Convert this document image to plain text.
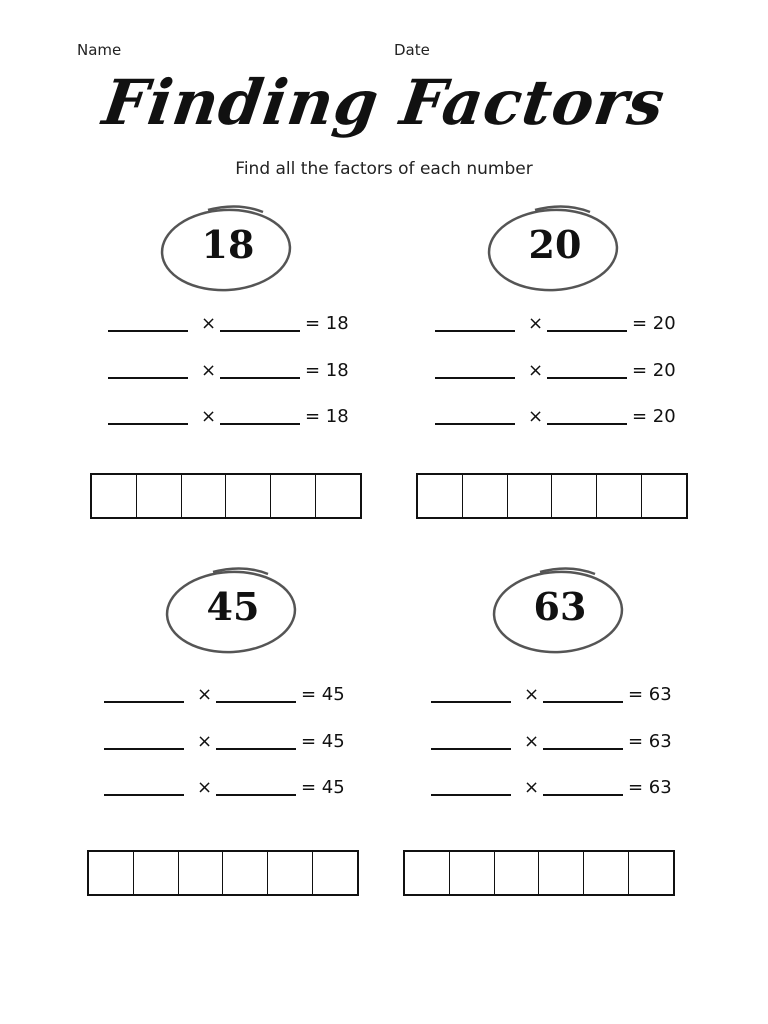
Name	Date
Finding Factors
Find all the factors of each number
18
×	= 18
×	= 18
×	= 18
20
×	= 20
×	= 20
×	= 20
45
×	= 45
×	= 45
×	= 45
63
×	= 63
×	= 63
×	= 63
